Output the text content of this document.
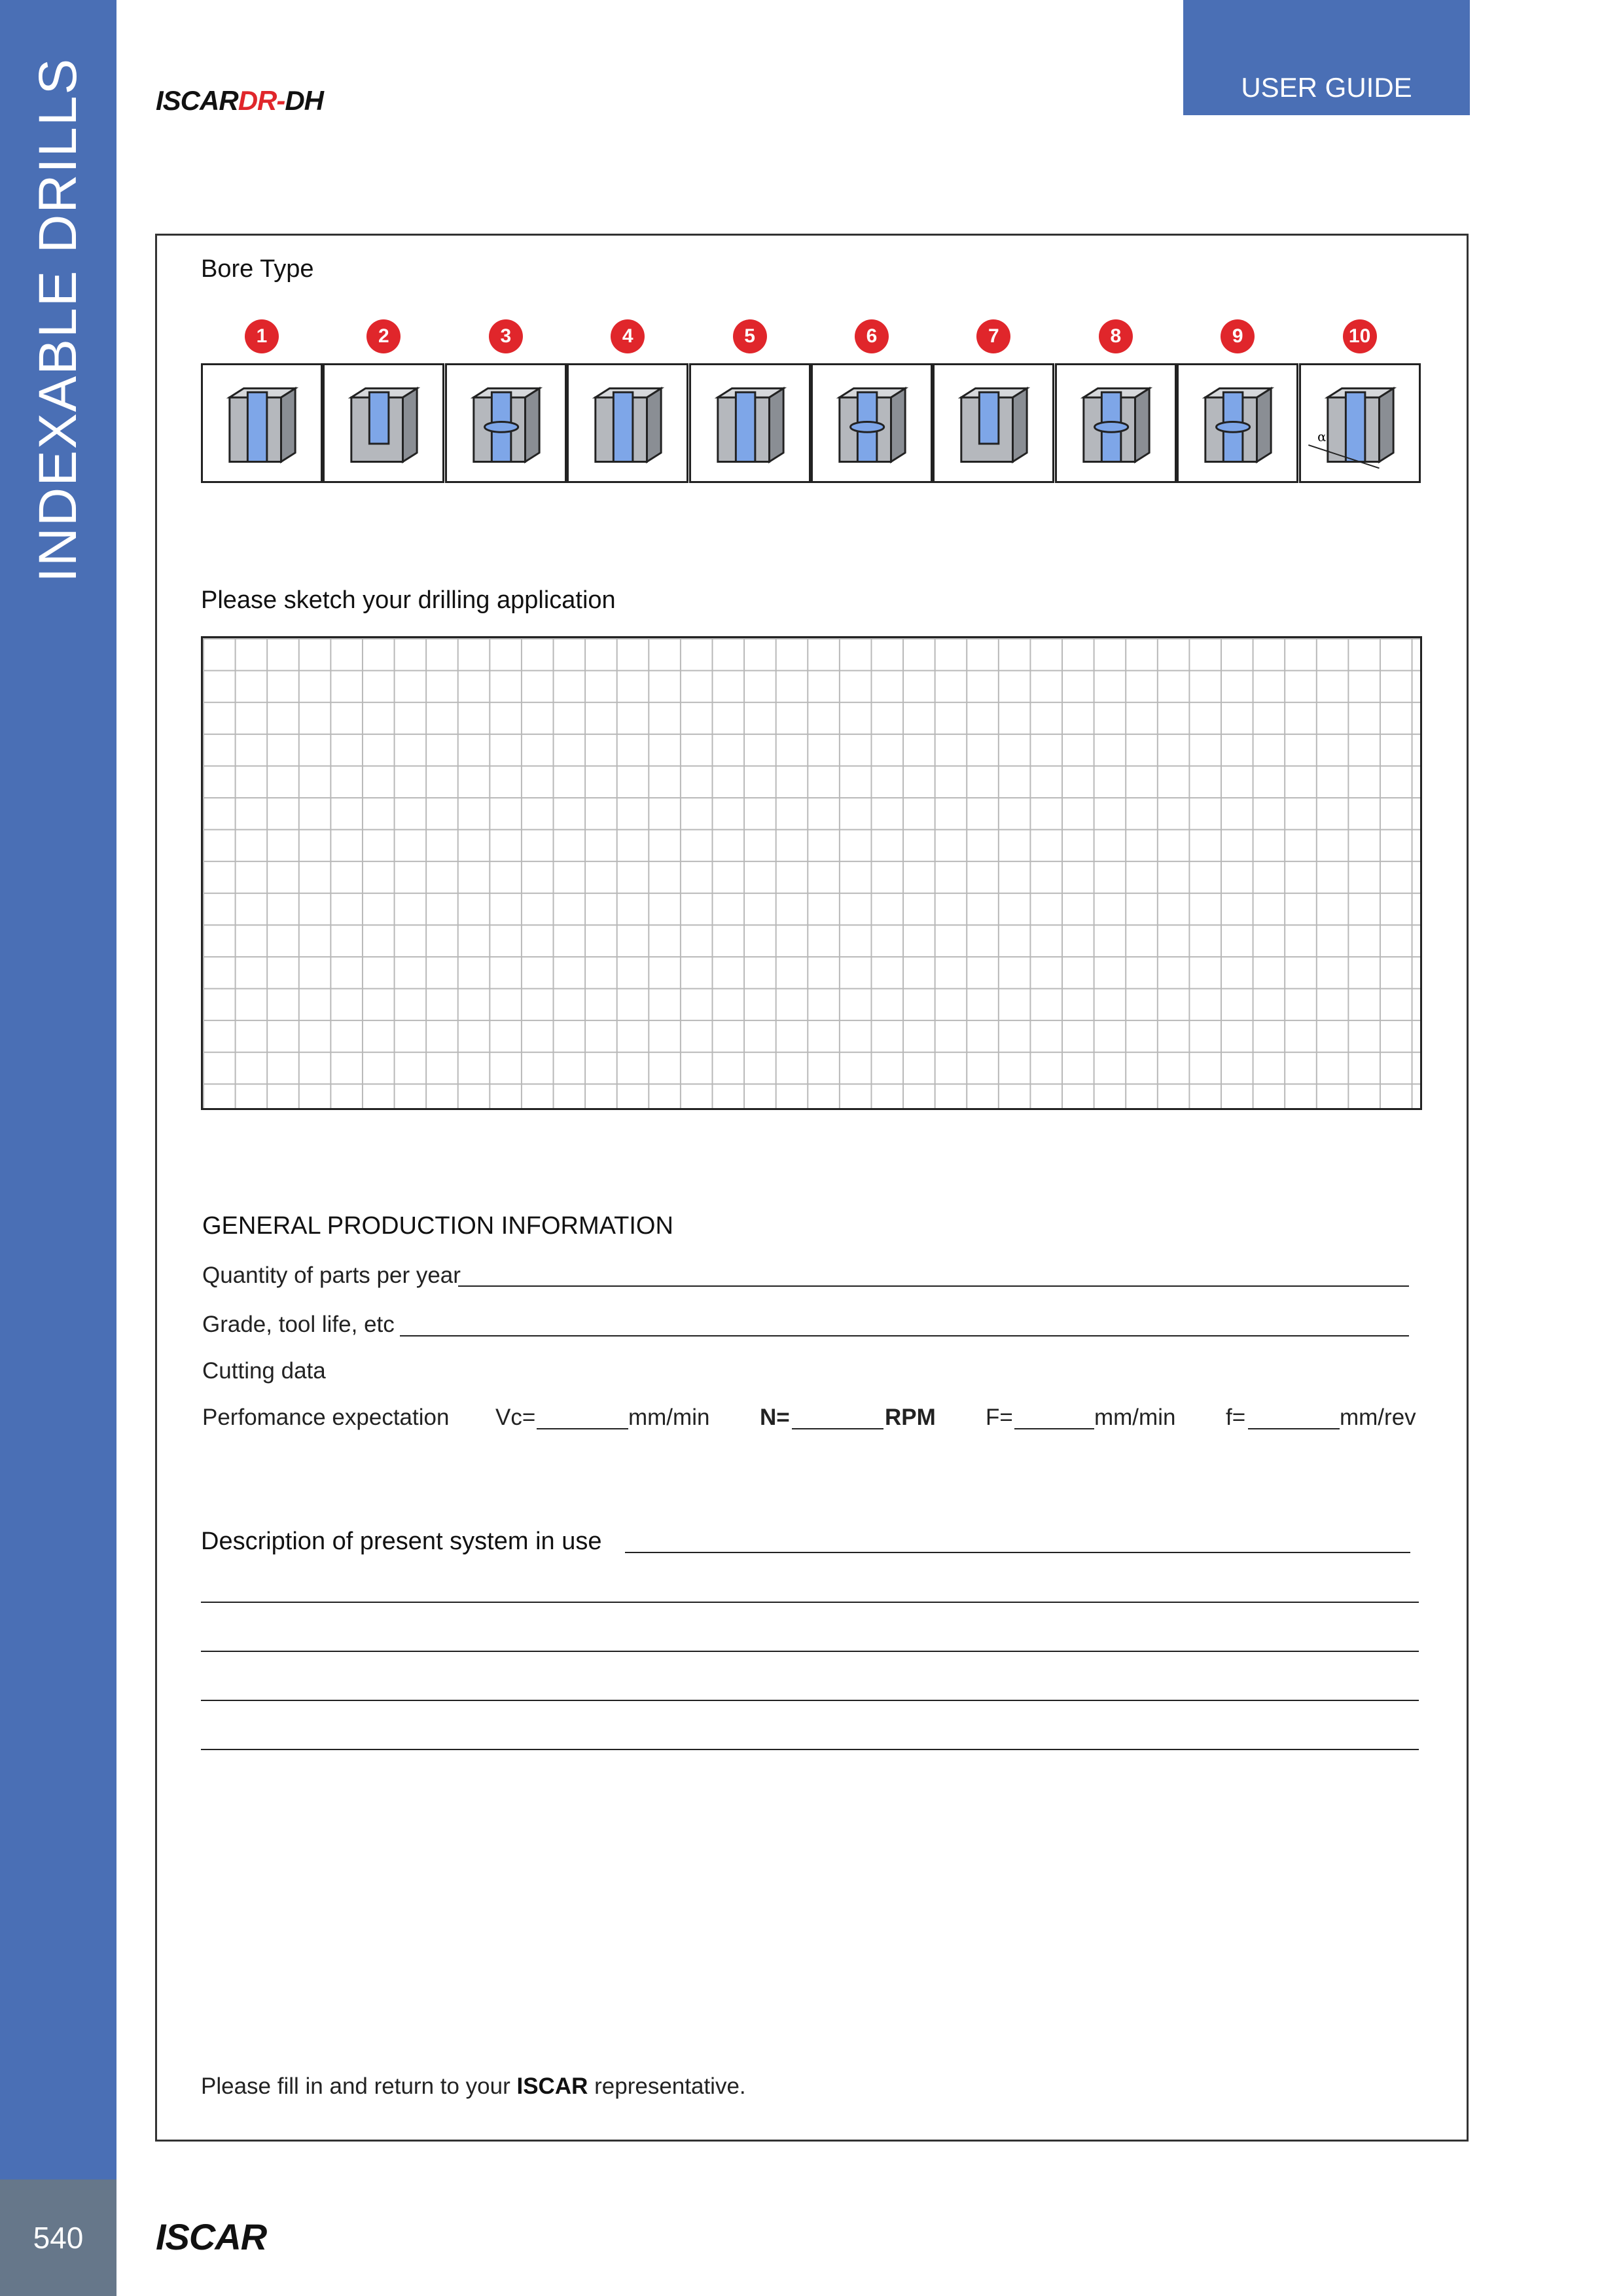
INDEXABLE DRILLS
540	ISCAR
USER GUIDE
ISCARDR-DH
Bore Type
1	2	3	4	5	6	7	8	9	10
α
Please sketch your drilling application
GENERAL PRODUCTION INFORMATION
Quantity of parts per year
Grade, tool life, etc
Cutting data
Perfomance expectation Vc=	mm/min N=	RPM F=	mm/min f=	mm/rev
Description of present system in use
Please fill in and return to your ISCAR representative.
